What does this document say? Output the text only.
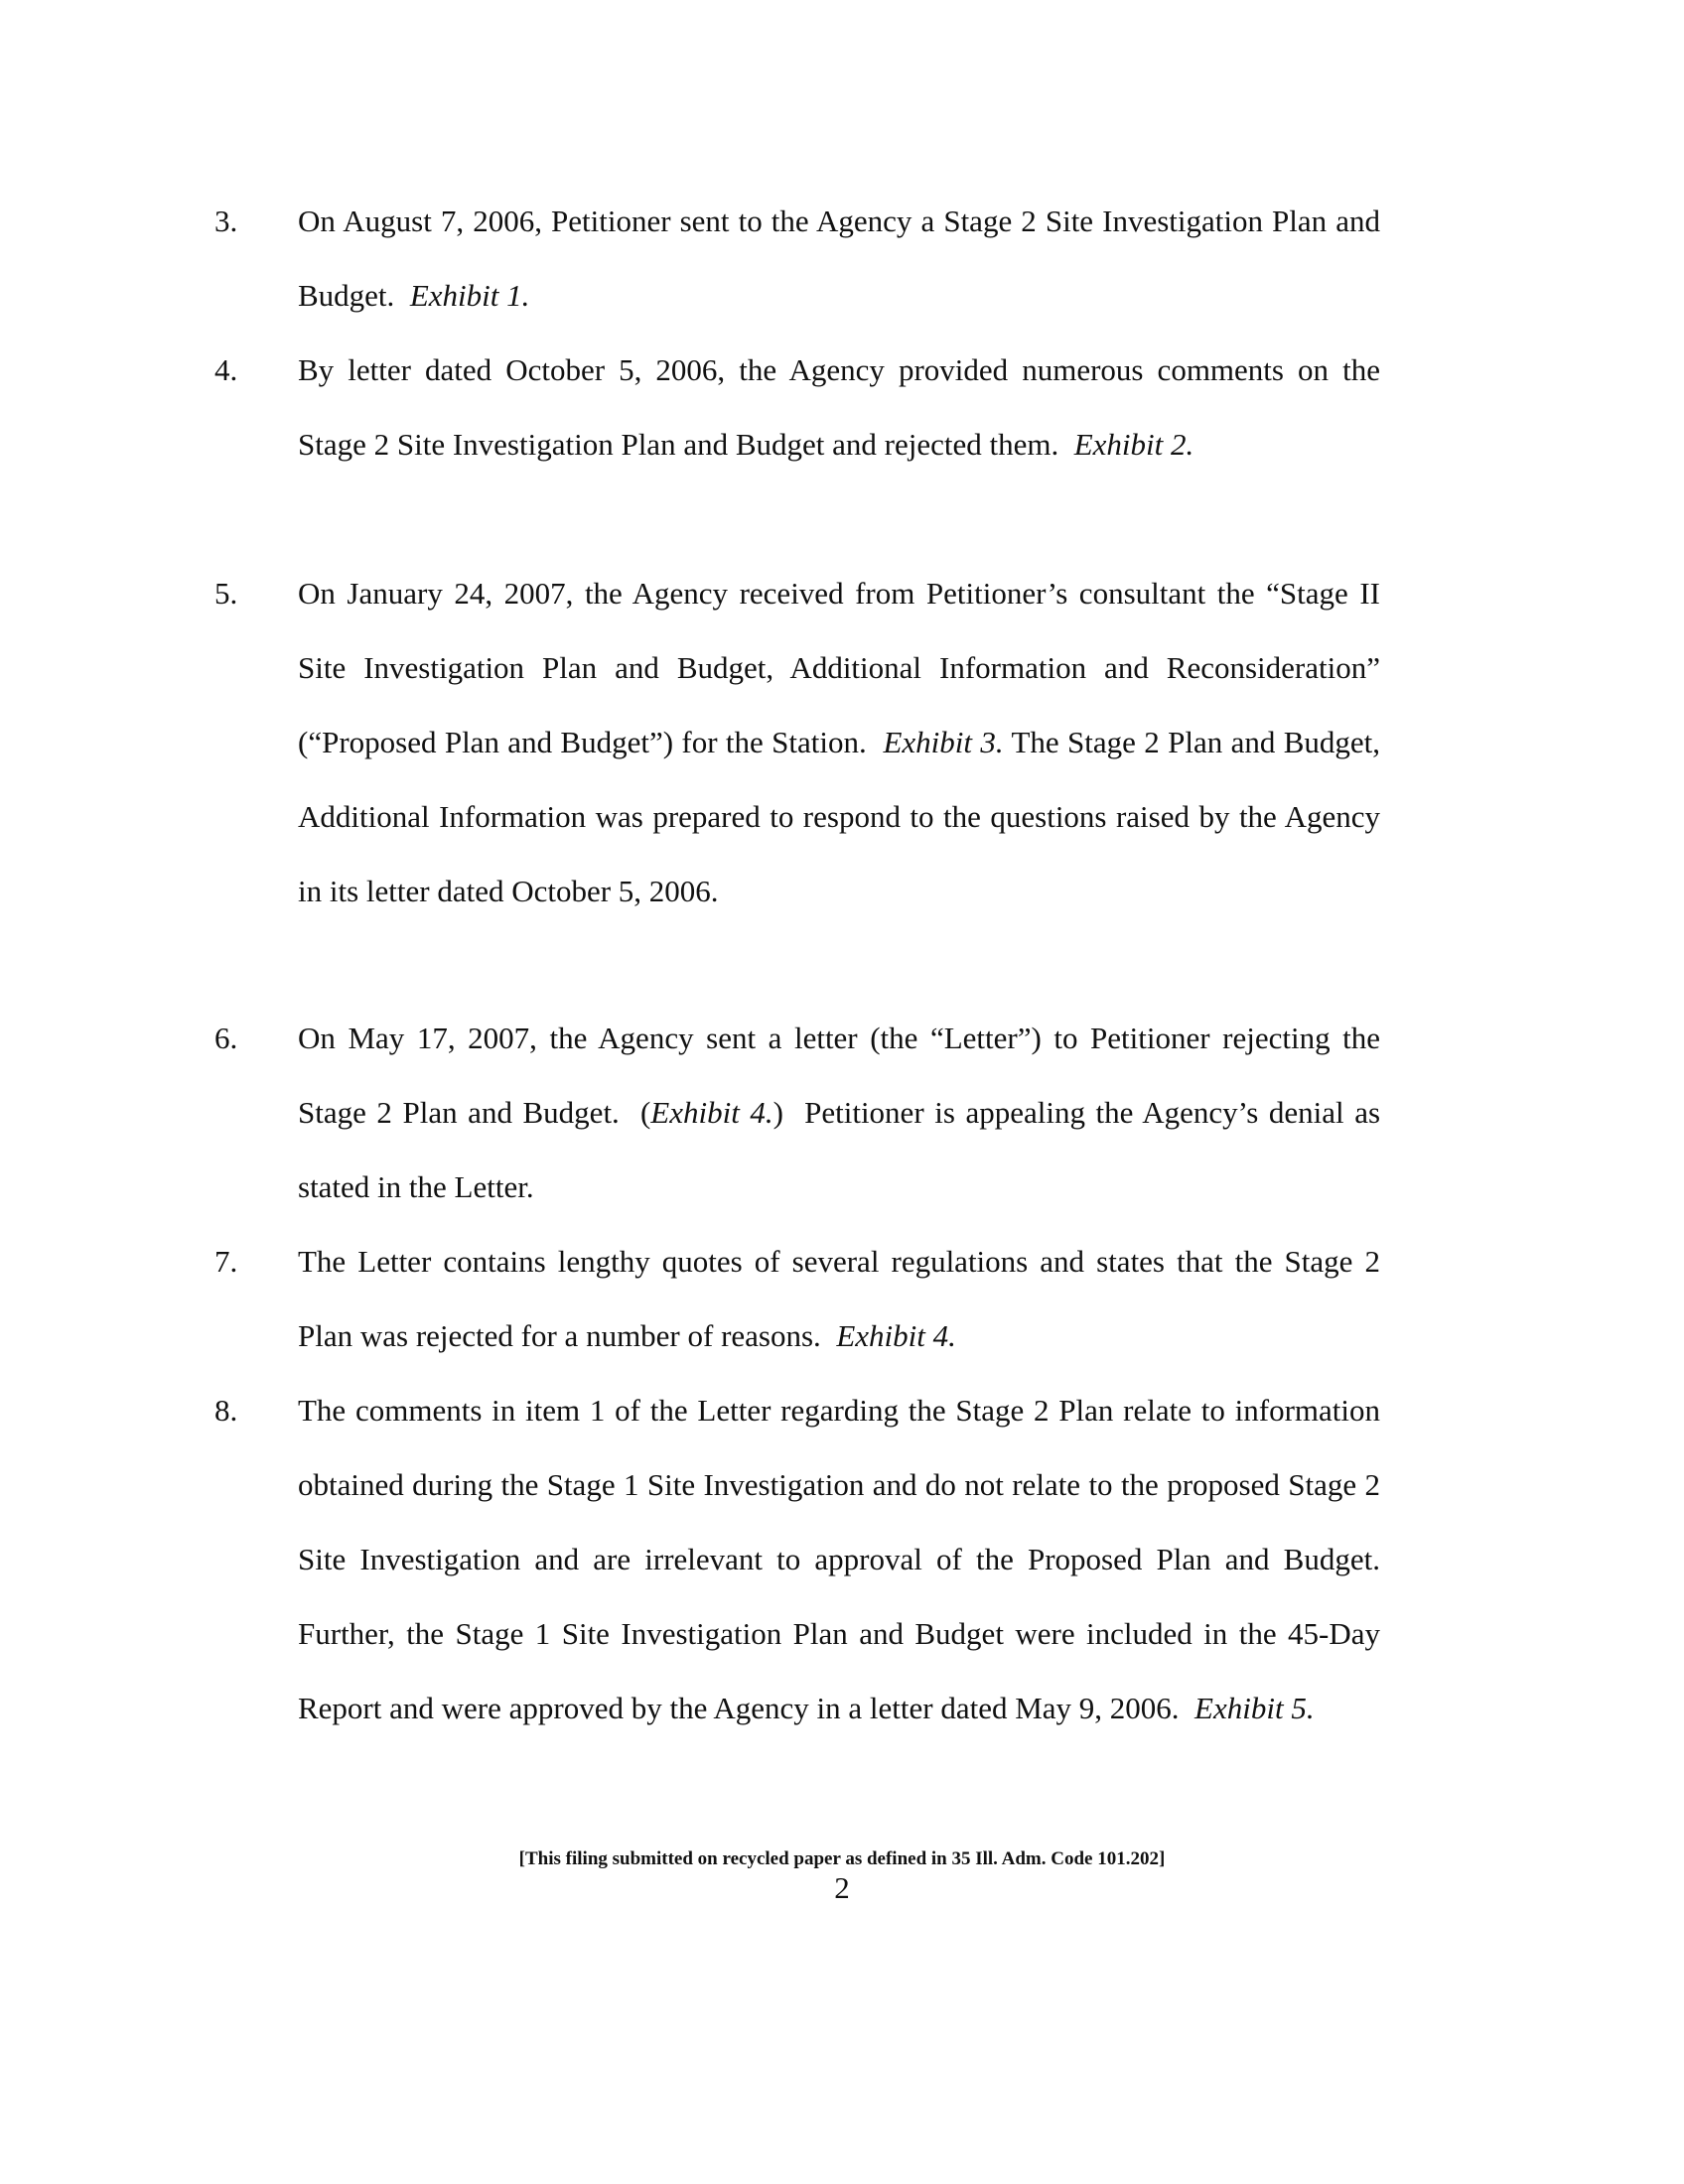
3. On August 7, 2006, Petitioner sent to the Agency a Stage 2 Site Investigation Plan and Budget. Exhibit 1.

4. By letter dated October 5, 2006, the Agency provided numerous comments on the Stage 2 Site Investigation Plan and Budget and rejected them. Exhibit 2.

5. On January 24, 2007, the Agency received from Petitioner’s consultant the “Stage II Site Investigation Plan and Budget, Additional Information and Reconsideration” (“Proposed Plan and Budget”) for the Station. Exhibit 3. The Stage 2 Plan and Budget, Additional Information was prepared to respond to the questions raised by the Agency in its letter dated October 5, 2006.

6. On May 17, 2007, the Agency sent a letter (the “Letter”) to Petitioner rejecting the Stage 2 Plan and Budget. (Exhibit 4.) Petitioner is appealing the Agency’s denial as stated in the Letter.

7. The Letter contains lengthy quotes of several regulations and states that the Stage 2 Plan was rejected for a number of reasons. Exhibit 4.

8. The comments in item 1 of the Letter regarding the Stage 2 Plan relate to information obtained during the Stage 1 Site Investigation and do not relate to the proposed Stage 2 Site Investigation and are irrelevant to approval of the Proposed Plan and Budget. Further, the Stage 1 Site Investigation Plan and Budget were included in the 45-Day Report and were approved by the Agency in a letter dated May 9, 2006. Exhibit 5.

[This filing submitted on recycled paper as defined in 35 Ill. Adm. Code 101.202]
2
